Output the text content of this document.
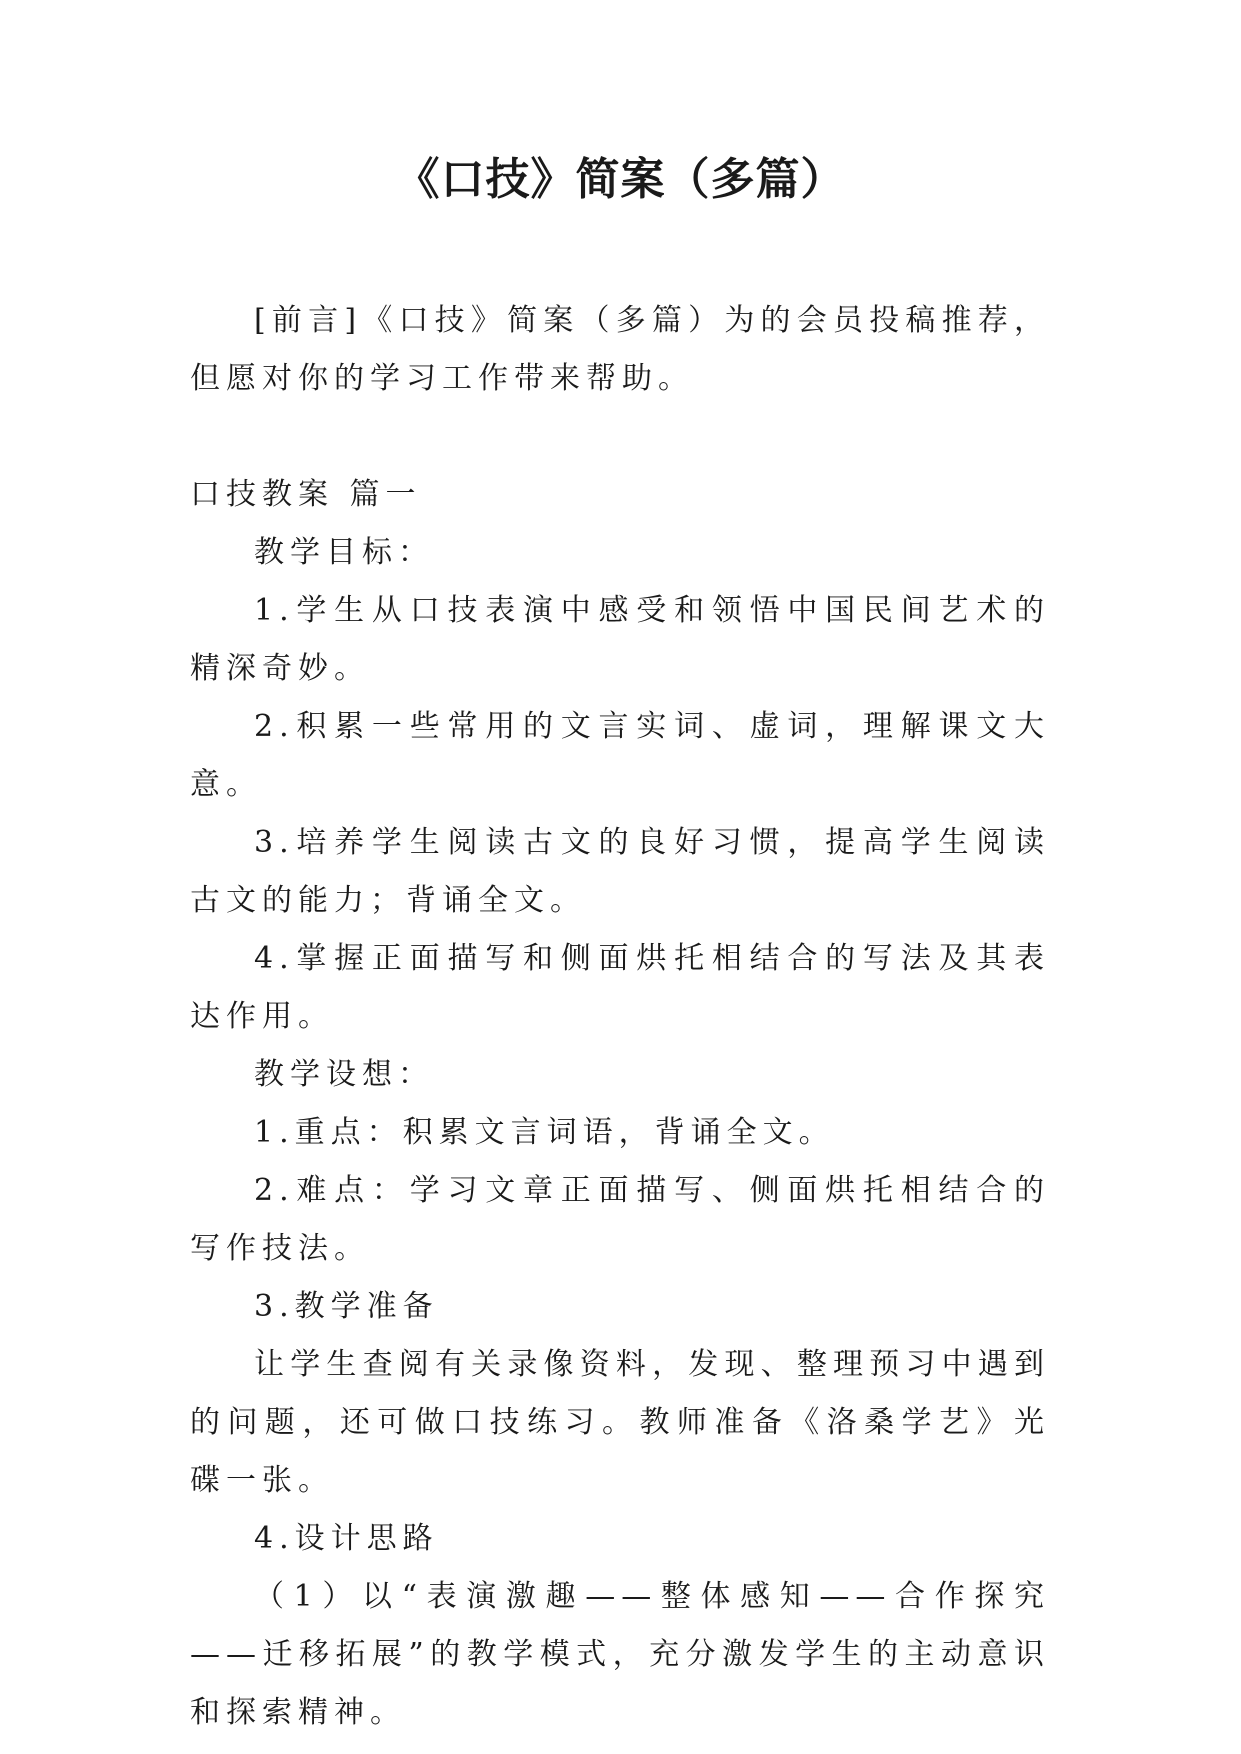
《口技》简案（多篇）

[前言]《口技》简案（多篇）为的会员投稿推荐，但愿对你的学习工作带来帮助。

口技教案 篇一

教学目标：

1.学生从口技表演中感受和领悟中国民间艺术的精深奇妙。

2.积累一些常用的文言实词、虚词，理解课文大意。

3.培养学生阅读古文的良好习惯，提高学生阅读古文的能力；背诵全文。

4.掌握正面描写和侧面烘托相结合的写法及其表达作用。

教学设想：

1.重点：积累文言词语，背诵全文。

2.难点：学习文章正面描写、侧面烘托相结合的写作技法。

3.教学准备

让学生查阅有关录像资料，发现、整理预习中遇到的问题，还可做口技练习。教师准备《洛桑学艺》光碟一张。

4.设计思路

（1）以“表演激趣——整体感知——合作探究——迁移拓展”的教学模式，充分激发学生的主动意识和探索精神。
